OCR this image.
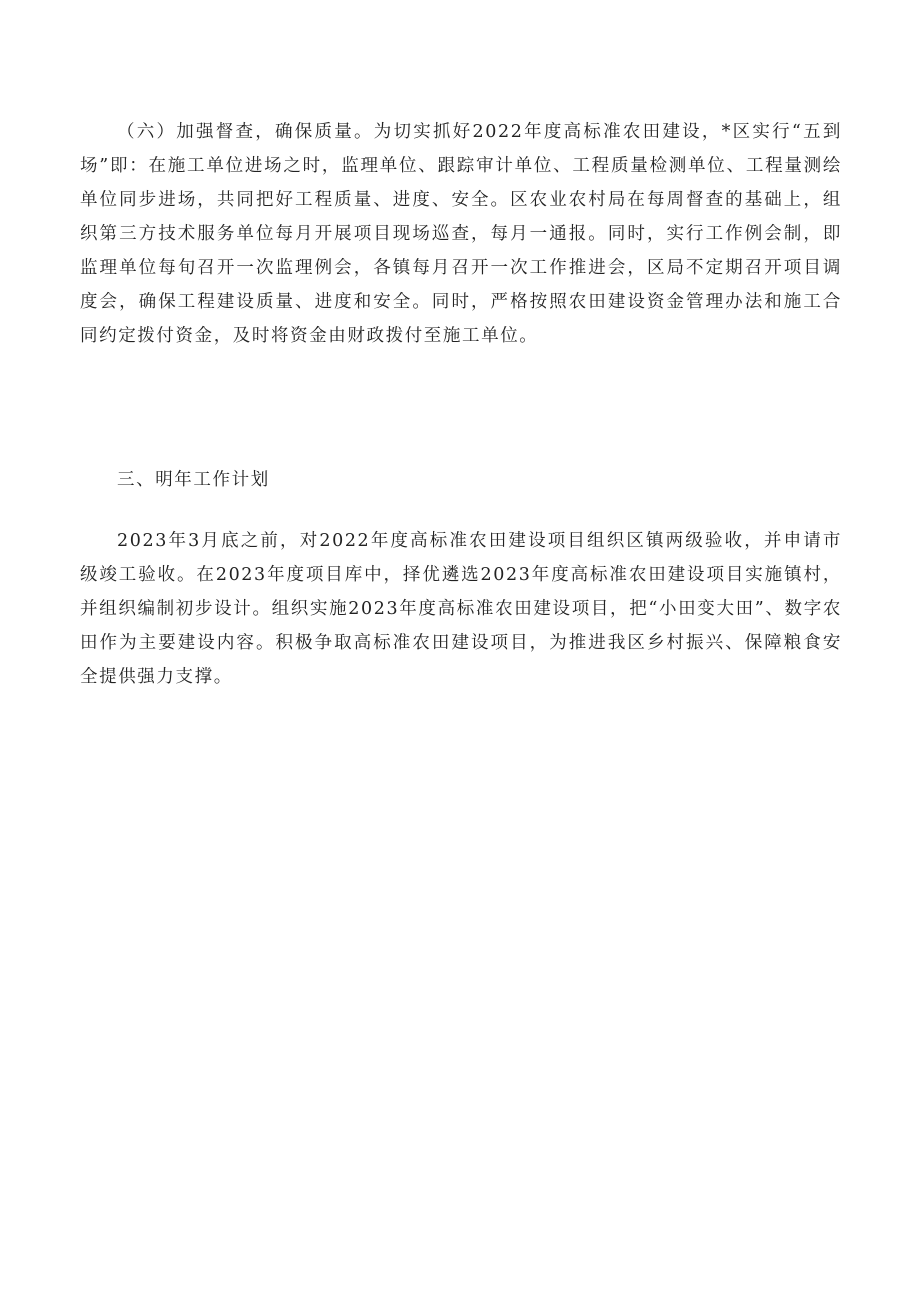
（六）加强督查，确保质量。为切实抓好2022年度高标准农田建设，*区实行“五到场”即：在施工单位进场之时，监理单位、跟踪审计单位、工程质量检测单位、工程量测绘单位同步进场，共同把好工程质量、进度、安全。区农业农村局在每周督查的基础上，组织第三方技术服务单位每月开展项目现场巡查，每月一通报。同时，实行工作例会制，即监理单位每旬召开一次监理例会，各镇每月召开一次工作推进会，区局不定期召开项目调度会，确保工程建设质量、进度和安全。同时，严格按照农田建设资金管理办法和施工合同约定拨付资金，及时将资金由财政拨付至施工单位。

三、明年工作计划

2023年3月底之前，对2022年度高标准农田建设项目组织区镇两级验收，并申请市级竣工验收。在2023年度项目库中，择优遴选2023年度高标准农田建设项目实施镇村，并组织编制初步设计。组织实施2023年度高标准农田建设项目，把“小田变大田”、数字农田作为主要建设内容。积极争取高标准农田建设项目，为推进我区乡村振兴、保障粮食安全提供强力支撑。
